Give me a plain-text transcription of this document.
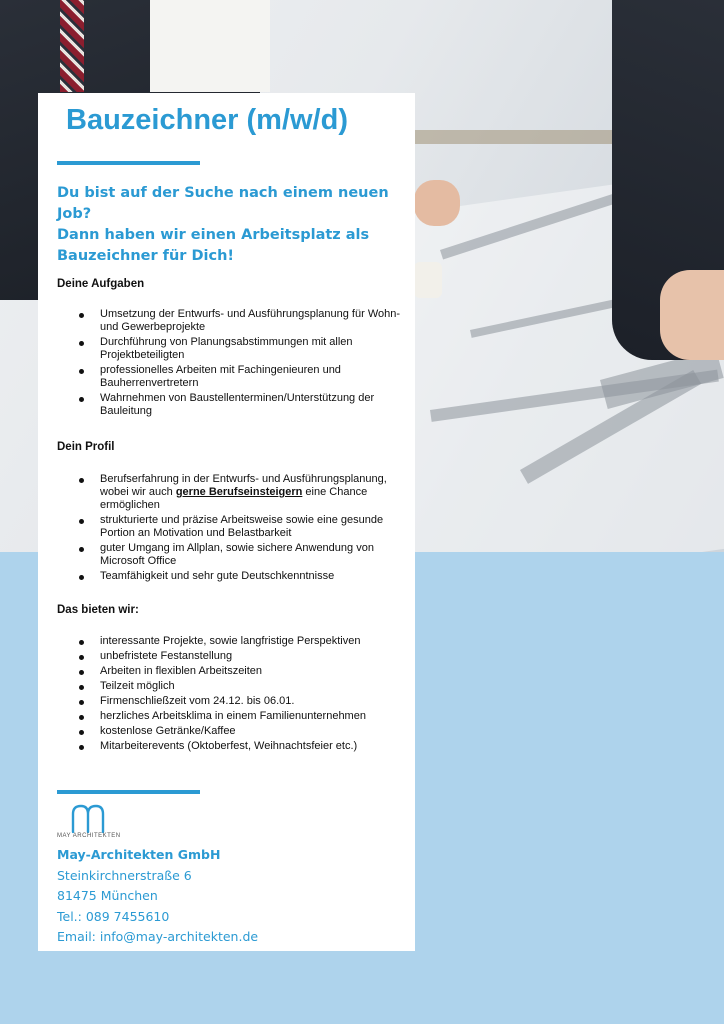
Bauzeichner (m/w/d)

Du bist auf der Suche nach einem neuen Job?
Dann haben wir einen Arbeitsplatz als
Bauzeichner für Dich!

Deine Aufgaben
Umsetzung der Entwurfs- und Ausführungsplanung für Wohn- und Gewerbeprojekte
Durchführung von Planungsabstimmungen mit allen Projektbeteiligten
professionelles Arbeiten mit Fachingenieuren und Bauherrenvertretern
Wahrnehmen von Baustellenterminen/Unterstützung der Bauleitung
Dein Profil
Berufserfahrung in der Entwurfs- und Ausführungsplanung, wobei wir auch gerne Berufseinsteigern eine Chance ermöglichen
strukturierte und präzise Arbeitsweise sowie eine gesunde Portion an Motivation und Belastbarkeit
guter Umgang im Allplan, sowie sichere Anwendung von Microsoft Office
Teamfähigkeit und sehr gute Deutschkenntnisse
Das bieten wir:
interessante Projekte, sowie langfristige Perspektiven
unbefristete Festanstellung
Arbeiten in flexiblen Arbeitszeiten
Teilzeit möglich
Firmenschließzeit vom 24.12. bis 06.01.
herzliches Arbeitsklima in einem Familienunternehmen
kostenlose Getränke/Kaffee
Mitarbeiterevents (Oktoberfest, Weihnachtsfeier etc.)
MAY ARCHITEKTEN

May-Architekten GmbH
Steinkirchnerstraße 6
81475 München
Tel.: 089 7455610
Email: info@may-architekten.de
